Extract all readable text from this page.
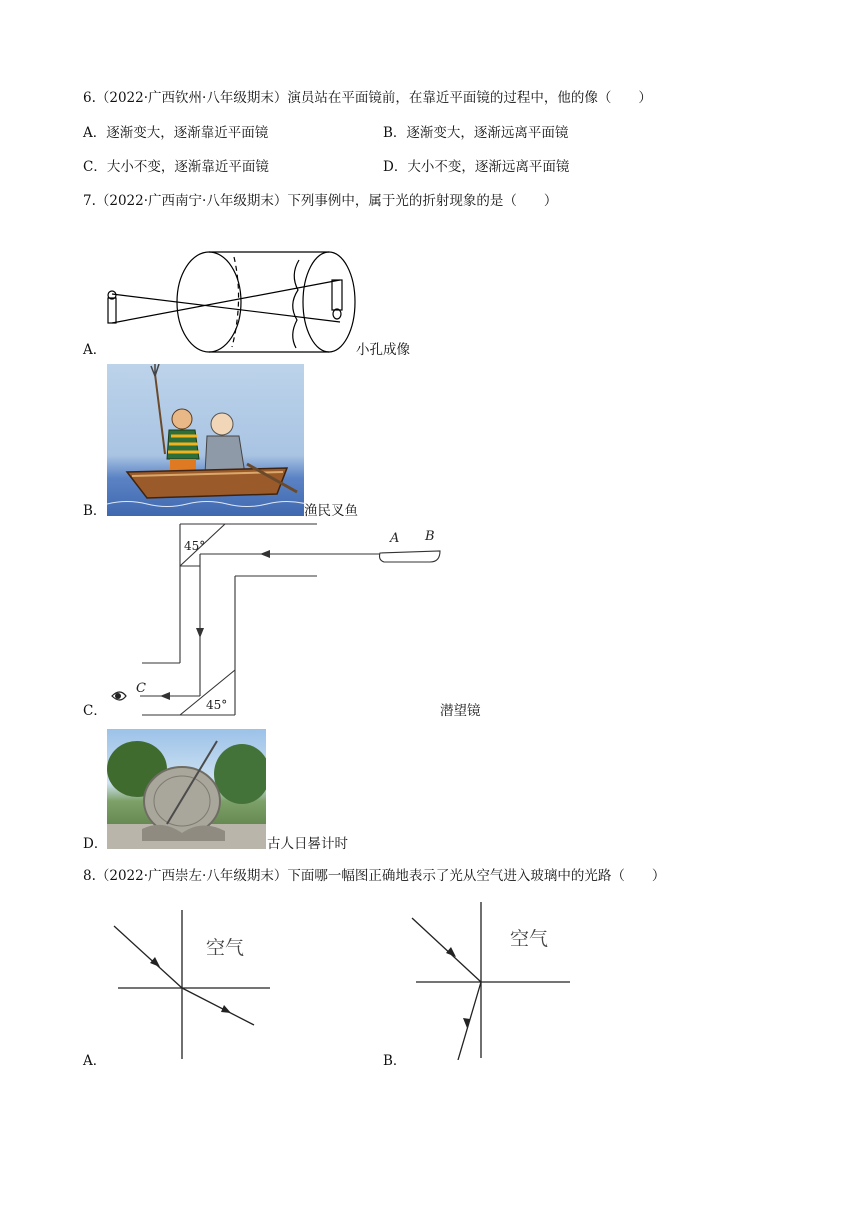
6.（2022·广西钦州·八年级期末）演员站在平面镜前，在靠近平面镜的过程中，他的像（　　）
A．逐渐变大，逐渐靠近平面镜	B．逐渐变大，逐渐远离平面镜
C．大小不变，逐渐靠近平面镜	D．大小不变，逐渐远离平面镜
7.（2022·广西南宁·八年级期末）下列事例中，属于光的折射现象的是（　　）
A．	小孔成像
B．	渔民叉鱼
45°
45°
A B
C
C．	潜望镜
D．	古人日晷计时
8.（2022·广西崇左·八年级期末）下面哪一幅图正确地表示了光从空气进入玻璃中的光路（　　）
空气
A．
空气
B．
